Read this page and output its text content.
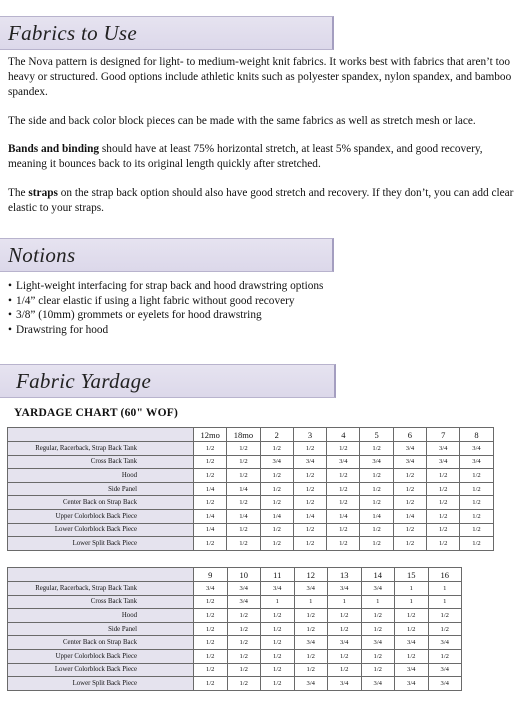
Fabrics to Use

The Nova pattern is designed for light- to medium-weight knit fabrics. It works best with fabrics that aren’t too heavy or structured. Good options include athletic knits such as polyester spandex, nylon spandex, and bamboo spandex.

The side and back color block pieces can be made with the same fabrics as well as stretch mesh or lace.

Bands and binding should have at least 75% horizontal stretch, at least 5% spandex, and good recovery, meaning it bounces back to its original length quickly after stretched.

The straps on the strap back option should also have good stretch and recovery. If they don’t, you can add clear elastic to your straps.

Notions
• Light-weight interfacing for strap back and hood drawstring options
• 1/4” clear elastic if using a light fabric without good recovery
• 3/8” (10mm) grommets or eyelets for hood drawstring
• Drawstring for hood
Fabric Yardage
YARDAGE CHART (60" WOF)
	12mo	18mo	2	3	4	5	6	7	8
Regular, Racerback, Strap Back Tank	1/2	1/2	1/2	1/2	1/2	1/2	3/4	3/4	3/4
Cross Back Tank	1/2	1/2	3/4	3/4	3/4	3/4	3/4	3/4	3/4
Hood	1/2	1/2	1/2	1/2	1/2	1/2	1/2	1/2	1/2
Side Panel	1/4	1/4	1/2	1/2	1/2	1/2	1/2	1/2	1/2
Center Back on Strap Back	1/2	1/2	1/2	1/2	1/2	1/2	1/2	1/2	1/2
Upper Colorblock Back Piece	1/4	1/4	1/4	1/4	1/4	1/4	1/4	1/2	1/2
Lower Colorblock Back Piece	1/4	1/2	1/2	1/2	1/2	1/2	1/2	1/2	1/2
Lower Split Back Piece	1/2	1/2	1/2	1/2	1/2	1/2	1/2	1/2	1/2
	9	10	11	12	13	14	15	16
Regular, Racerback, Strap Back Tank	3/4	3/4	3/4	3/4	3/4	3/4	1	1
Cross Back Tank	1/2	3/4	1	1	1	1	1	1
Hood	1/2	1/2	1/2	1/2	1/2	1/2	1/2	1/2
Side Panel	1/2	1/2	1/2	1/2	1/2	1/2	1/2	1/2
Center Back on Strap Back	1/2	1/2	1/2	3/4	3/4	3/4	3/4	3/4
Upper Colorblock Back Piece	1/2	1/2	1/2	1/2	1/2	1/2	1/2	1/2
Lower Colorblock Back Piece	1/2	1/2	1/2	1/2	1/2	1/2	3/4	3/4
Lower Split Back Piece	1/2	1/2	1/2	3/4	3/4	3/4	3/4	3/4
